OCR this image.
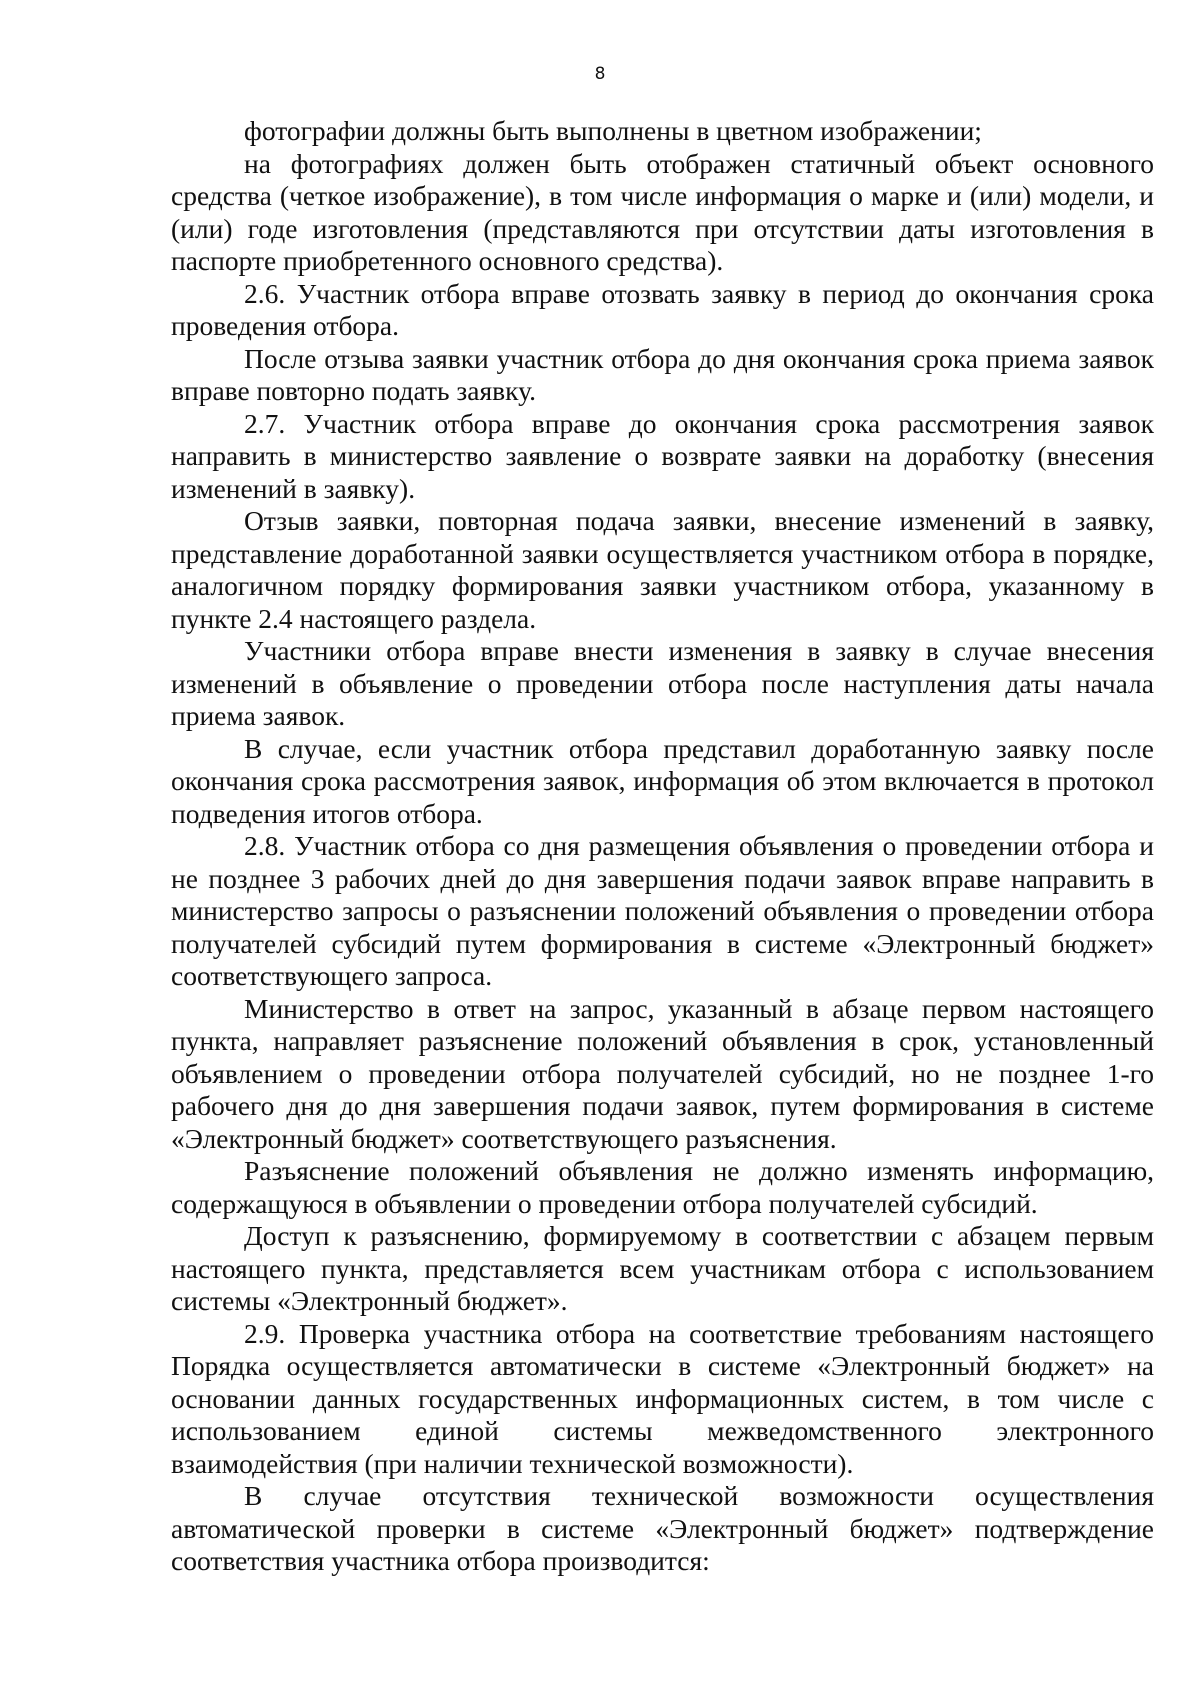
8

фотографии должны быть выполнены в цветном изображении;

на фотографиях должен быть отображен статичный объект основного средства (четкое изображение), в том числе информация о марке и (или) модели, и (или) годе изготовления (представляются при отсутствии даты изготовления в паспорте приобретенного основного средства).

2.6. Участник отбора вправе отозвать заявку в период до окончания срока проведения отбора.

После отзыва заявки участник отбора до дня окончания срока приема заявок вправе повторно подать заявку.

2.7. Участник отбора вправе до окончания срока рассмотрения заявок направить в министерство заявление о возврате заявки на доработку (внесения изменений в заявку).

Отзыв заявки, повторная подача заявки, внесение изменений в заявку, представление доработанной заявки осуществляется участником отбора в порядке, аналогичном порядку формирования заявки участником отбора, указанному в пункте 2.4 настоящего раздела.

Участники отбора вправе внести изменения в заявку в случае внесения изменений в объявление о проведении отбора после наступления даты начала приема заявок.

В случае, если участник отбора представил доработанную заявку после окончания срока рассмотрения заявок, информация об этом включается в протокол подведения итогов отбора.

2.8. Участник отбора со дня размещения объявления о проведении отбора и не позднее 3 рабочих дней до дня завершения подачи заявок вправе направить в министерство запросы о разъяснении положений объявления о проведении отбора получателей субсидий путем формирования в системе «Электронный бюджет» соответствующего запроса.

Министерство в ответ на запрос, указанный в абзаце первом настоящего пункта, направляет разъяснение положений объявления в срок, установленный объявлением о проведении отбора получателей субсидий, но не позднее 1-го рабочего дня до дня завершения подачи заявок, путем формирования в системе «Электронный бюджет» соответствующего разъяснения.

Разъяснение положений объявления не должно изменять информацию, содержащуюся в объявлении о проведении отбора получателей субсидий.

Доступ к разъяснению, формируемому в соответствии с абзацем первым настоящего пункта, представляется всем участникам отбора с использованием системы «Электронный бюджет».

2.9. Проверка участника отбора на соответствие требованиям настоящего Порядка осуществляется автоматически в системе «Электронный бюджет» на основании данных государственных информационных систем, в том числе с использованием единой системы межведомственного электронного взаимодействия (при наличии технической возможности).

В случае отсутствия технической возможности осуществления автоматической проверки в системе «Электронный бюджет» подтверждение соответствия участника отбора производится:
